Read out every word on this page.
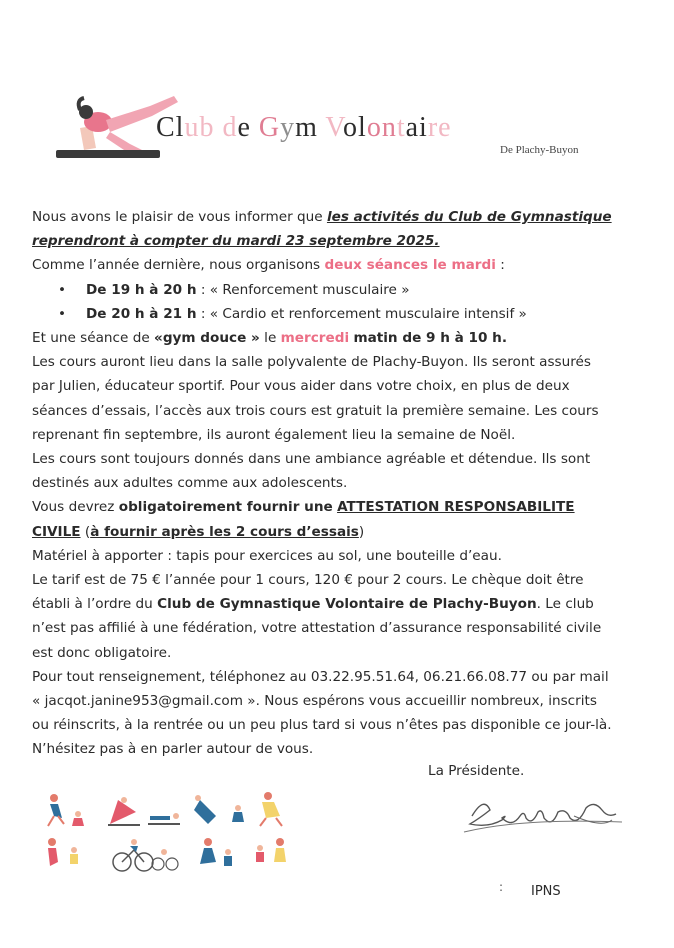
Club de Gym Volontaire
De Plachy-Buyon

Nous avons le plaisir de vous informer que les activités du Club de Gymnastique reprendront à compter du mardi 23 septembre 2025.

Comme l’année dernière, nous organisons deux séances le mardi :

• De 19 h à 20 h : « Renforcement musculaire »
• De 20 h à 21 h : « Cardio et renforcement musculaire intensif »

Et une séance de «gym douce » le mercredi matin de 9 h à 10 h.

Les cours auront lieu dans la salle polyvalente de Plachy-Buyon. Ils seront assurés par Julien, éducateur sportif. Pour vous aider dans votre choix, en plus de deux séances d’essais, l’accès aux trois cours est gratuit la première semaine. Les cours reprenant fin septembre, ils auront également lieu la semaine de Noël.

Les cours sont toujours donnés dans une ambiance agréable et détendue. Ils sont destinés aux adultes comme aux adolescents.

Vous devrez obligatoirement fournir une ATTESTATION RESPONSABILITE CIVILE (à fournir après les 2 cours d’essais)

Matériel à apporter : tapis pour exercices au sol, une bouteille d’eau.

Le tarif est de 75 € l’année pour 1 cours, 120 € pour 2 cours. Le chèque doit être établi à l’ordre du Club de Gymnastique Volontaire de Plachy-Buyon. Le club n’est pas affilié à une fédération, votre attestation d’assurance responsabilité civile est donc obligatoire.

Pour tout renseignement, téléphonez au 03.22.95.51.64, 06.21.66.08.77 ou par mail « jacqot.janine953@gmail.com ». Nous espérons vous accueillir nombreux, inscrits ou réinscrits, à la rentrée ou un peu plus tard si vous n’êtes pas disponible ce jour-là. N’hésitez pas à en parler autour de vous.

La Présidente.
: IPNS
